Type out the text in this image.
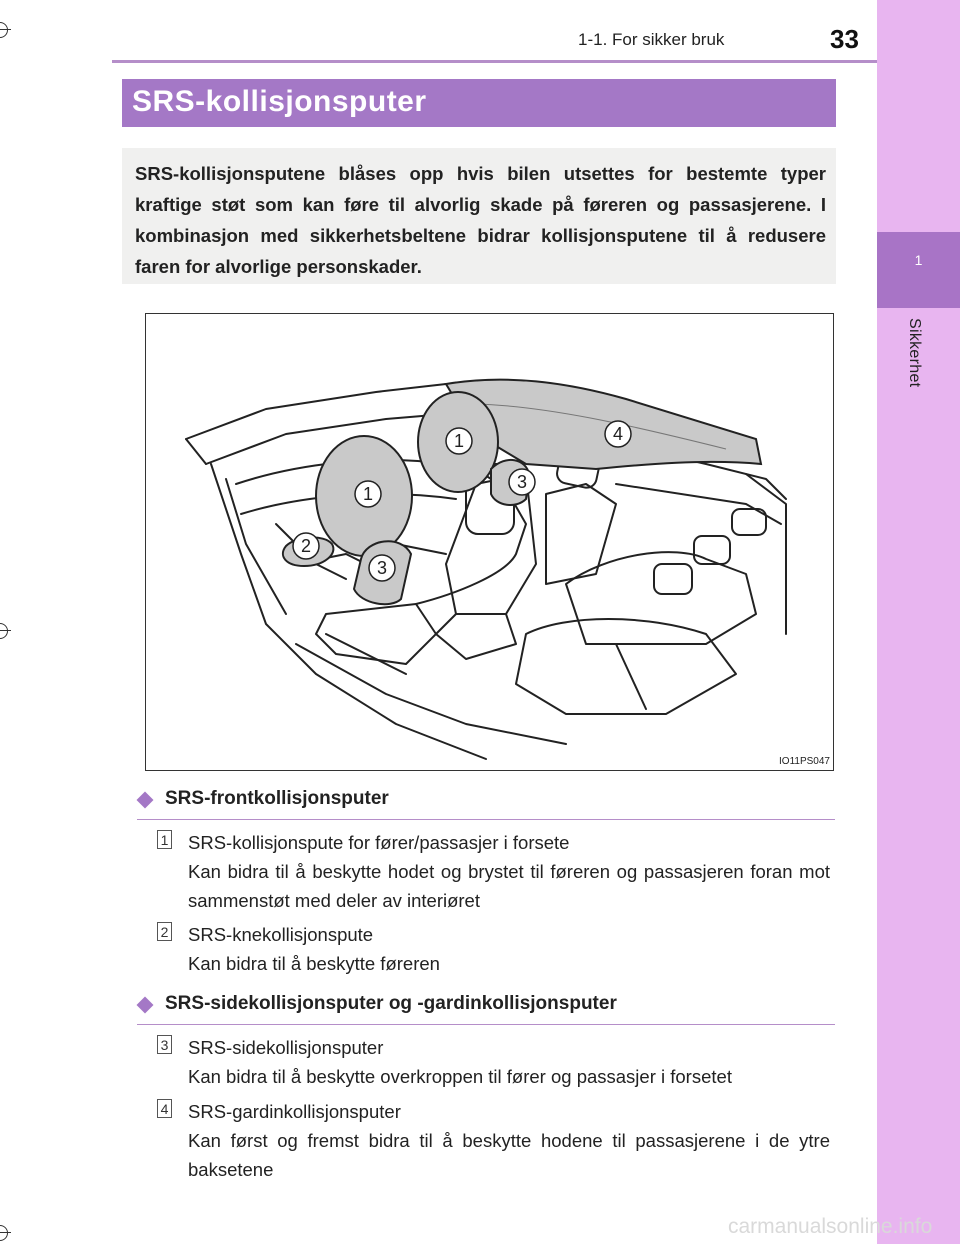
1
Sikkerhet
1-1. For sikker bruk	33
SRS-kollisjonsputer

SRS-kollisjonsputene blåses opp hvis bilen utsettes for bestemte typer kraftige støt som kan føre til alvorlig skade på føreren og passasjerene. I kombinasjon med sikkerhetsbeltene bidrar kollisjonsputene til å redusere faren for alvorlige personskader.

1
1
2
3
3
4
IO11PS047
SRS-frontkollisjonsputer
1 SRS-kollisjonspute for fører/passasjer i forsete

Kan bidra til å beskytte hodet og brystet til føreren og passasjeren foran mot sammenstøt med deler av interiøret

2 SRS-knekollisjonspute

Kan bidra til å beskytte føreren

SRS-sidekollisjonsputer og -gardinkollisjonsputer
3 SRS-sidekollisjonsputer

Kan bidra til å beskytte overkroppen til fører og passasjer i forsetet

4 SRS-gardinkollisjonsputer

Kan først og fremst bidra til å beskytte hodene til passasjerene i de ytre baksetene

carmanualsonline.info
